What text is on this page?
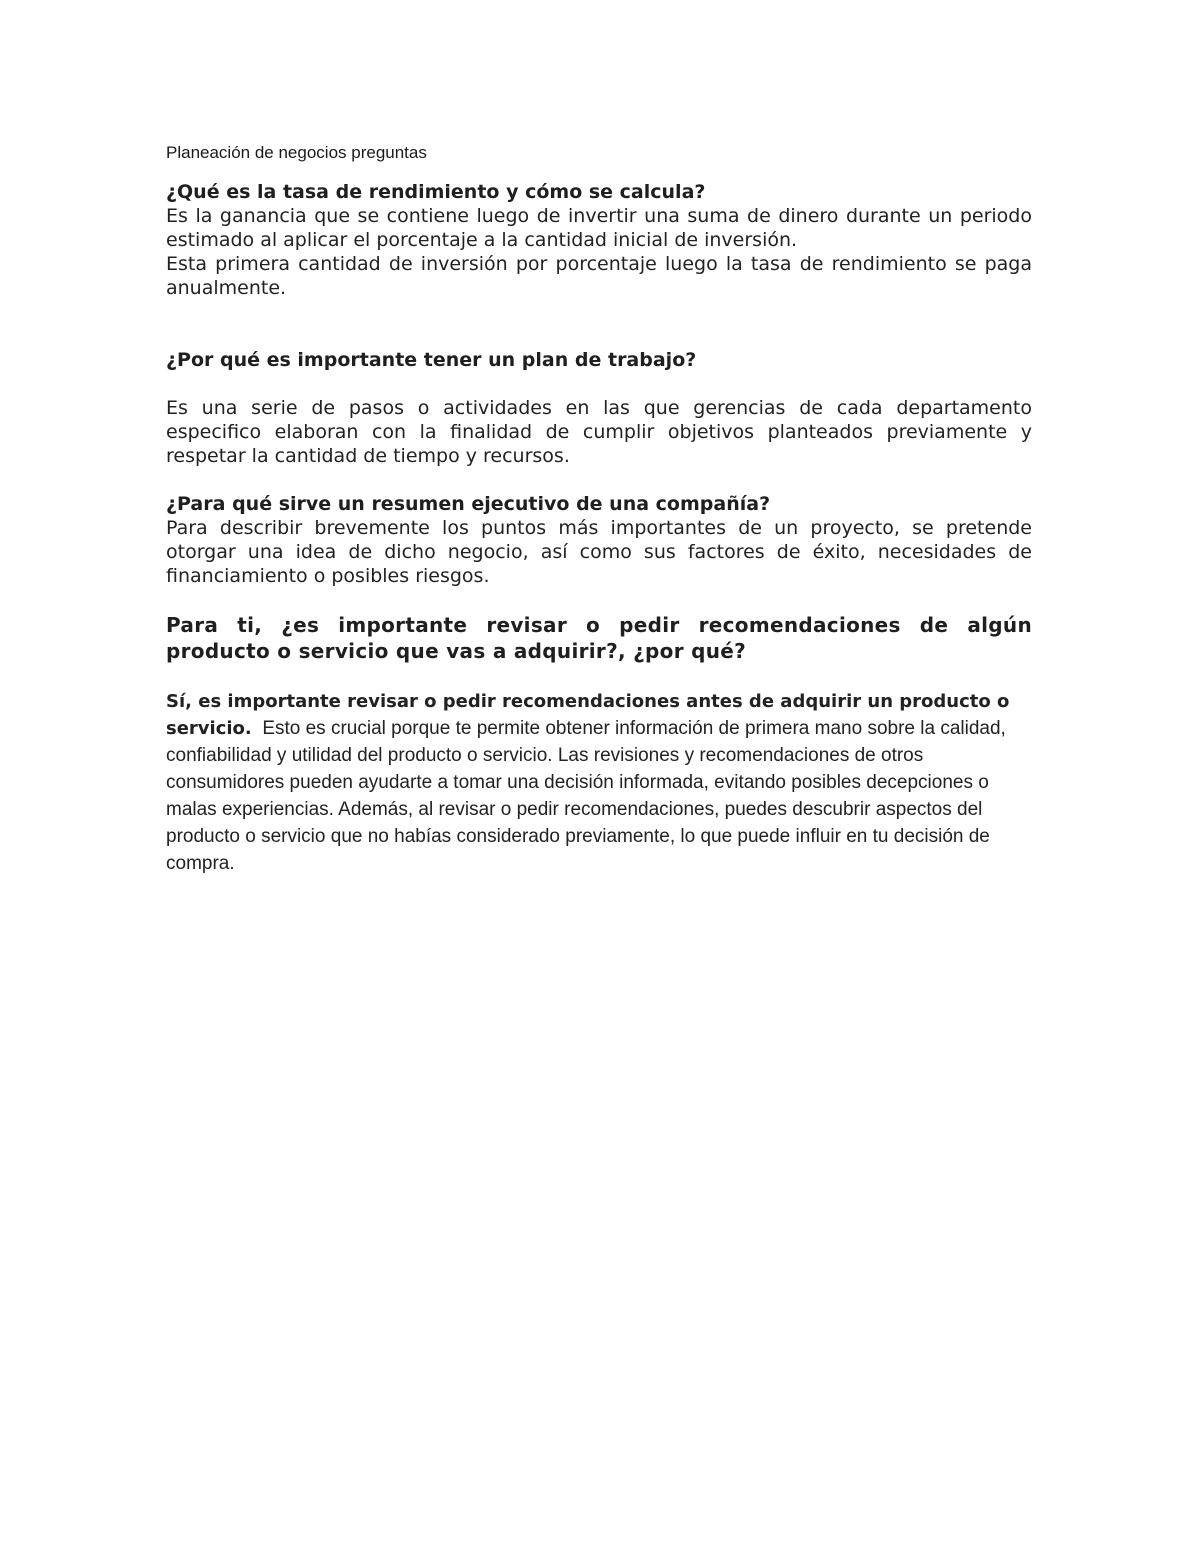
Planeación de negocios preguntas

¿Qué es la tasa de rendimiento y cómo se calcula?

Es la ganancia que se contiene luego de invertir una suma de dinero durante un periodo estimado al aplicar el porcentaje a la cantidad inicial de inversión.

Esta primera cantidad de inversión por porcentaje luego la tasa de rendimiento se paga anualmente.

¿Por qué es importante tener un plan de trabajo?

Es una serie de pasos o actividades en las que gerencias de cada departamento especifico elaboran con la finalidad de cumplir objetivos planteados previamente y respetar la cantidad de tiempo y recursos.

¿Para qué sirve un resumen ejecutivo de una compañía?

Para describir brevemente los puntos más importantes de un proyecto, se pretende otorgar una idea de dicho negocio, así como sus factores de éxito, necesidades de financiamiento o posibles riesgos.

Para ti, ¿es importante revisar o pedir recomendaciones de algún producto o servicio que vas a adquirir?, ¿por qué?

Sí, es importante revisar o pedir recomendaciones antes de adquirir un producto o servicio. Esto es crucial porque te permite obtener información de primera mano sobre la calidad, confiabilidad y utilidad del producto o servicio. Las revisiones y recomendaciones de otros consumidores pueden ayudarte a tomar una decisión informada, evitando posibles decepciones o malas experiencias. Además, al revisar o pedir recomendaciones, puedes descubrir aspectos del producto o servicio que no habías considerado previamente, lo que puede influir en tu decisión de compra.
